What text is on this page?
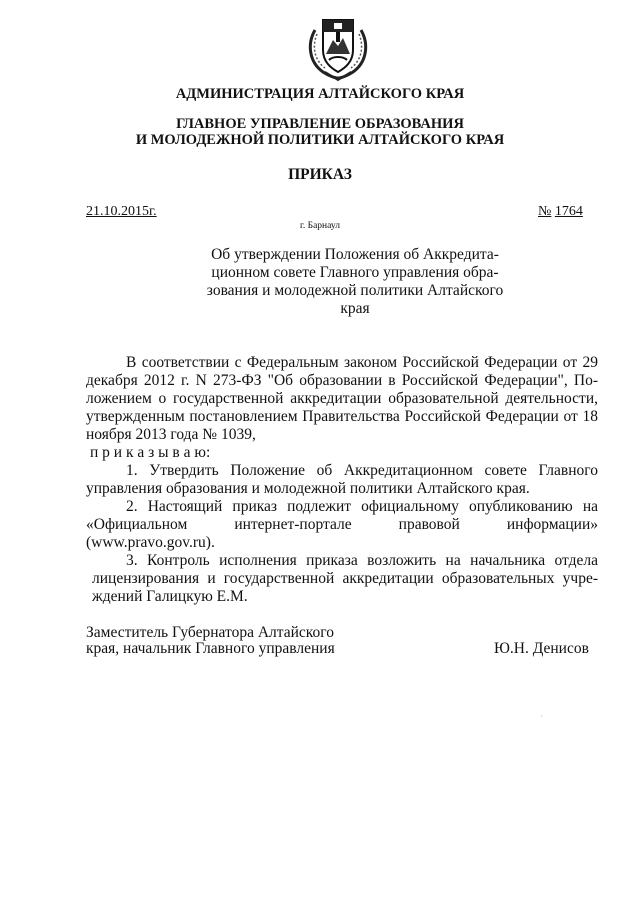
АДМИНИСТРАЦИЯ АЛТАЙСКОГО КРАЯ
ГЛАВНОЕ УПРАВЛЕНИЕ ОБРАЗОВАНИЯ
И МОЛОДЕЖНОЙ ПОЛИТИКИ АЛТАЙСКОГО КРАЯ
ПРИКАЗ
21.10.2015г.	№ 1764
г. Барнаул
Об утверждении Положения об Аккредита-
ционном совете Главного управления обра-
зования и молодежной политики Алтайского
края
В соответствии с Федеральным законом Российской Федерации от 29
декабря 2012 г. N 273-ФЗ "Об образовании в Российской Федерации", По-
ложением о государственной аккредитации образовательной деятельности,
утвержденным постановлением Правительства Российской Федерации от 18
ноября 2013 года № 1039,
п р и к а з ы в а ю:
1. Утвердить Положение об Аккредитационном совете Главного
управления образования и молодежной политики Алтайского края.
2. Настоящий приказ подлежит официальному опубликованию на
«Официальном интернет-портале правовой информации»
(www.pravo.gov.ru).
3. Контроль исполнения приказа возложить на начальника отдела
лицензирования и государственной аккредитации образовательных учре-
ждений Галицкую Е.М.
Заместитель Губернатора Алтайского
края, начальник Главного управления	Ю.Н. Денисов
·
